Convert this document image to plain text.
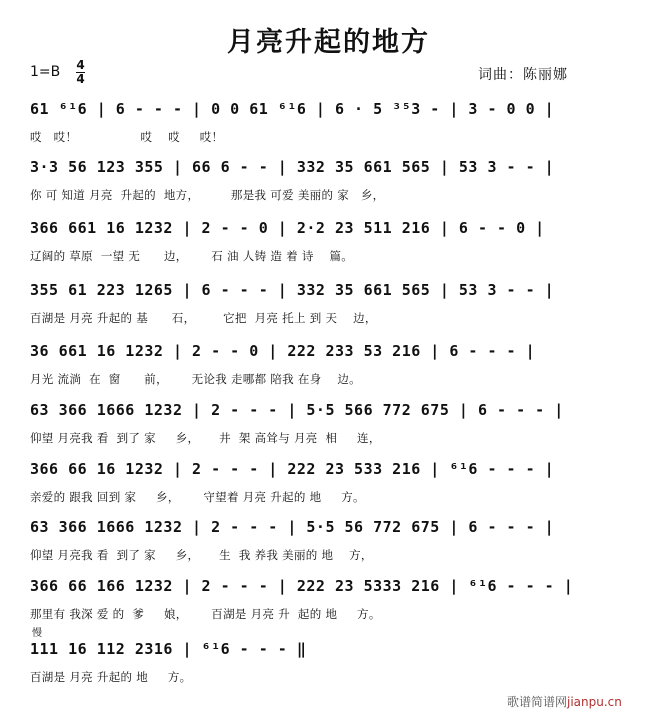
月亮升起的地方
1=B 4
4	词曲：陈丽娜
61 ⁶¹6 | 6 - - - | 0 0 61 ⁶¹6 | 6 · 5 ³⁵3 - | 3 - 0 0 |
哎   哎！                哎    哎     哎！
3·3 56 123 355 | 66 6 - - | 332 35 661 565 | 53 3 - - |
你 可 知道 月亮  升起的  地方，        那是我 可爱 美丽的 家   乡，
366 661 16 1232 | 2 - - 0 | 2·2 23 511 216 | 6 - - 0 |
辽阔的 草原  一望 无      边，      石 油 人铸 造 着 诗    篇。
355 61 223 1265 | 6 - - - | 332 35 661 565 | 53 3 - - |
百湖是 月亮 升起的 基      石，       它把  月亮 托上 到 天    边，
36 661 16 1232 | 2 - - 0 | 222 233 53 216 | 6 - - - |
月光 流淌  在  窗      前，      无论我 走哪都 陪我 在身    边。
63 366 1666 1232 | 2 - - - | 5·5 566 772 675 | 6 - - - |
仰望 月亮我 看  到了 家     乡，     井  架 高耸与 月亮  相     连，
366 66 16 1232 | 2 - - - | 222 23 533 216 | ⁶¹6 - - - |
亲爱的 跟我 回到 家     乡，      守望着 月亮 升起的 地     方。
63 366 1666 1232 | 2 - - - | 5·5 56 772 675 | 6 - - - |
仰望 月亮我 看  到了 家     乡，     生  我 养我 美丽的 地    方，
366 66 166 1232 | 2 - - - | 222 23 5333 216 | ⁶¹6 - - - |
那里有 我深 爱 的  爹     娘，      百湖是 月亮 升  起的 地     方。
慢
111 16 112 2316 | ⁶¹6 - - - ‖
百湖是 月亮 升起的 地     方。
歌谱简谱网jianpu.cn
